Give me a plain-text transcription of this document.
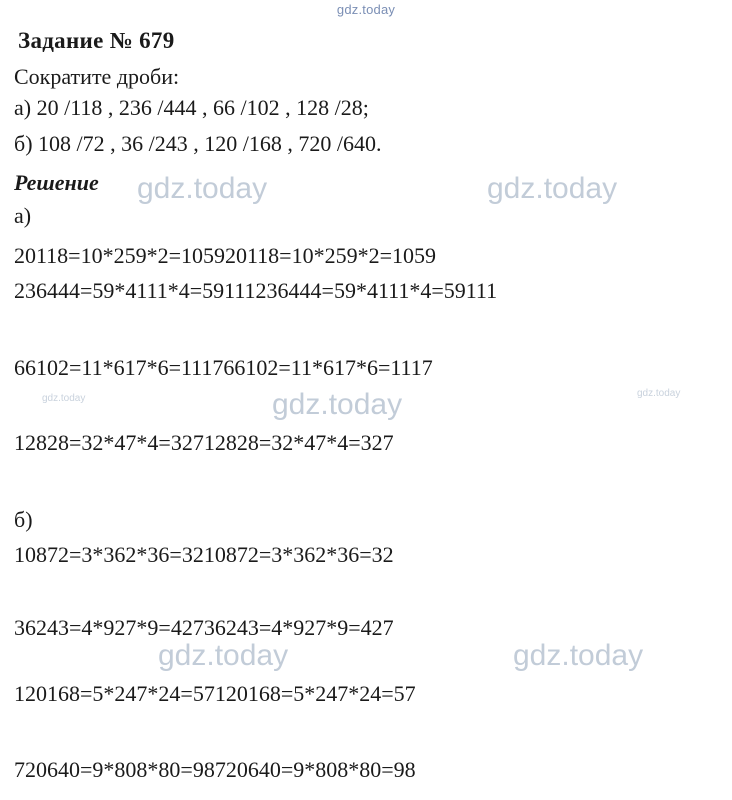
gdz.today
Задание № 679
Сократите дроби:
а) 20 /118 , 236 /444 , 66 /102 , 128 /28;
б) 108 /72 , 36 /243 , 120 /168 , 720 /640.
Решение
а)
20118=10*259*2=105920118=10*259*2=1059
236444=59*4111*4=59111236444=59*4111*4=59111
66102=11*617*6=111766102=11*617*6=1117
12828=32*47*4=32712828=32*47*4=327
б)
10872=3*362*36=3210872=3*362*36=32
36243=4*927*9=42736243=4*927*9=427
120168=5*247*24=57120168=5*247*24=57
720640=9*808*80=98720640=9*808*80=98
gdz.today	gdz.today
gdz.today
gdz.today	gdz.today
gdz.today	gdz.today
